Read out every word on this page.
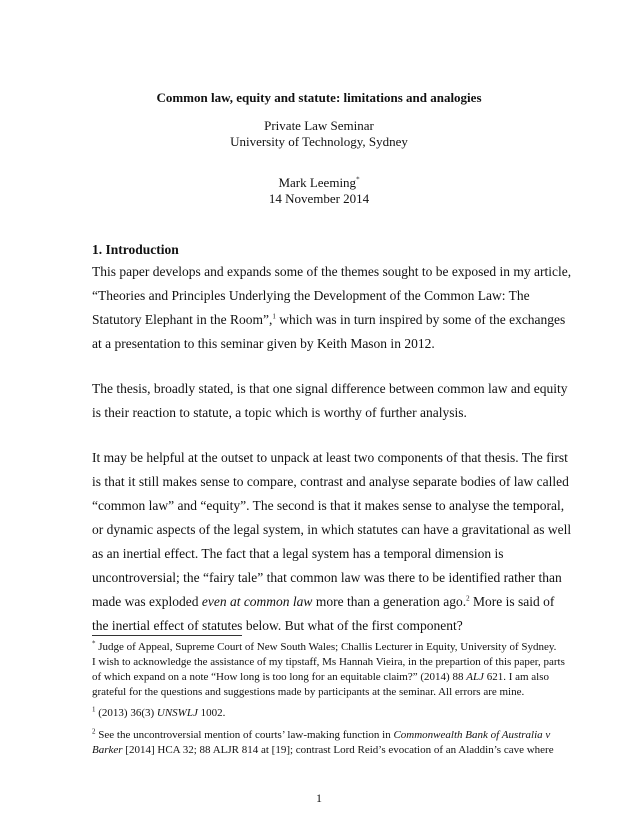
Common law, equity and statute: limitations and analogies
Private Law Seminar
University of Technology, Sydney
Mark Leeming*
14 November 2014
1. Introduction
This paper develops and expands some of the themes sought to be exposed in my article,
“Theories and Principles Underlying the Development of the Common Law: The
Statutory Elephant in the Room”,$^1$ which was in turn inspired by some of the exchanges
at a presentation to this seminar given by Keith Mason in 2012.
The thesis, broadly stated, is that one signal difference between common law and equity
is their reaction to statute, a topic which is worthy of further analysis.
It may be helpful at the outset to unpack at least two components of that thesis. The first
is that it still makes sense to compare, contrast and analyse separate bodies of law called
“common law” and “equity”. The second is that it makes sense to analyse the temporal,
or dynamic aspects of the legal system, in which statutes can have a gravitational as well
as an inertial effect. The fact that a legal system has a temporal dimension is
uncontroversial; the “fairy tale” that common law was there to be identified rather than
made was exploded even at common law more than a generation ago.$^2$ More is said of
the inertial effect of statutes below. But what of the first component?
* Judge of Appeal, Supreme Court of New South Wales; Challis Lecturer in Equity, University of Sydney.
I wish to acknowledge the assistance of my tipstaff, Ms Hannah Vieira, in the prepartion of this paper, parts
of which expand on a note “How long is too long for an equitable claim?” (2014) 88 ALJ 621. I am also
grateful for the questions and suggestions made by participants at the seminar. All errors are mine.
$^1$ (2013) 36(3) UNSWLJ 1002.
$^2$ See the uncontroversial mention of courts’ law-making function in Commonwealth Bank of Australia v
Barker [2014] HCA 32; 88 ALJR 814 at [19]; contrast Lord Reid’s evocation of an Aladdin’s cave where
1
